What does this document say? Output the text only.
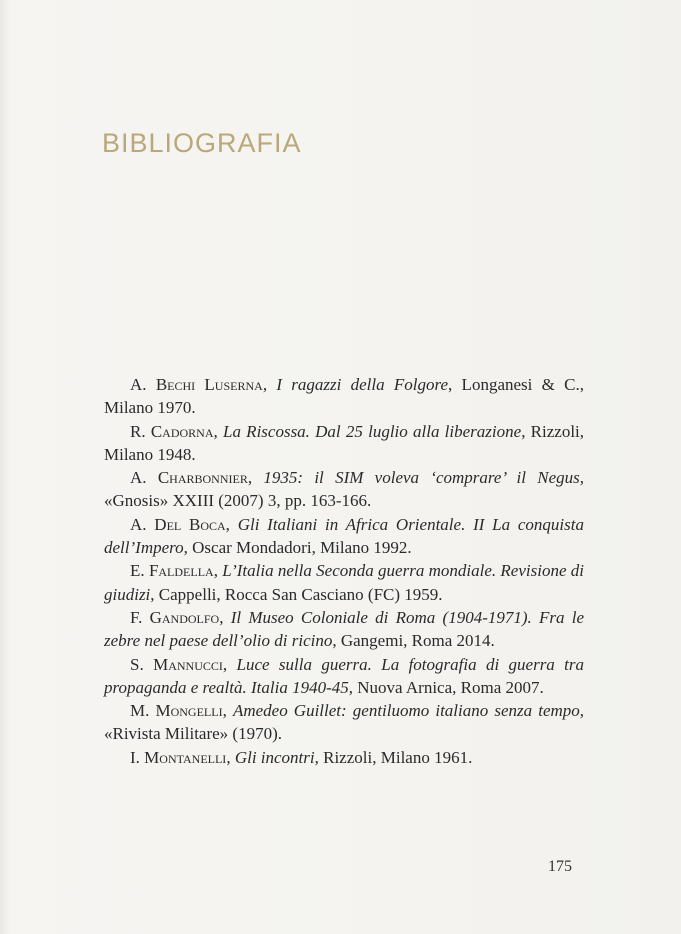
BIBLIOGRAFIA
A. Bechi Luserna, I ragazzi della Folgore, Longanesi & C., Milano 1970.
R. Cadorna, La Riscossa. Dal 25 luglio alla liberazione, Rizzoli, Milano 1948.
A. Charbonnier, 1935: il SIM voleva ‘comprare’ il Negus, «Gnosis» XXIII (2007) 3, pp. 163-166.
A. Del Boca, Gli Italiani in Africa Orientale. II La conquista dell’Impero, Oscar Mondadori, Milano 1992.
E. Faldella, L’Italia nella Seconda guerra mondiale. Revisione di giudizi, Cappelli, Rocca San Casciano (FC) 1959.
F. Gandolfo, Il Museo Coloniale di Roma (1904-1971). Fra le zebre nel paese dell’olio di ricino, Gangemi, Roma 2014.
S. Mannucci, Luce sulla guerra. La fotografia di guerra tra propaganda e realtà. Italia 1940-45, Nuova Arnica, Roma 2007.
M. Mongelli, Amedeo Guillet: gentiluomo italiano senza tempo, «Rivista Militare» (1970).
I. Montanelli, Gli incontri, Rizzoli, Milano 1961.
175
